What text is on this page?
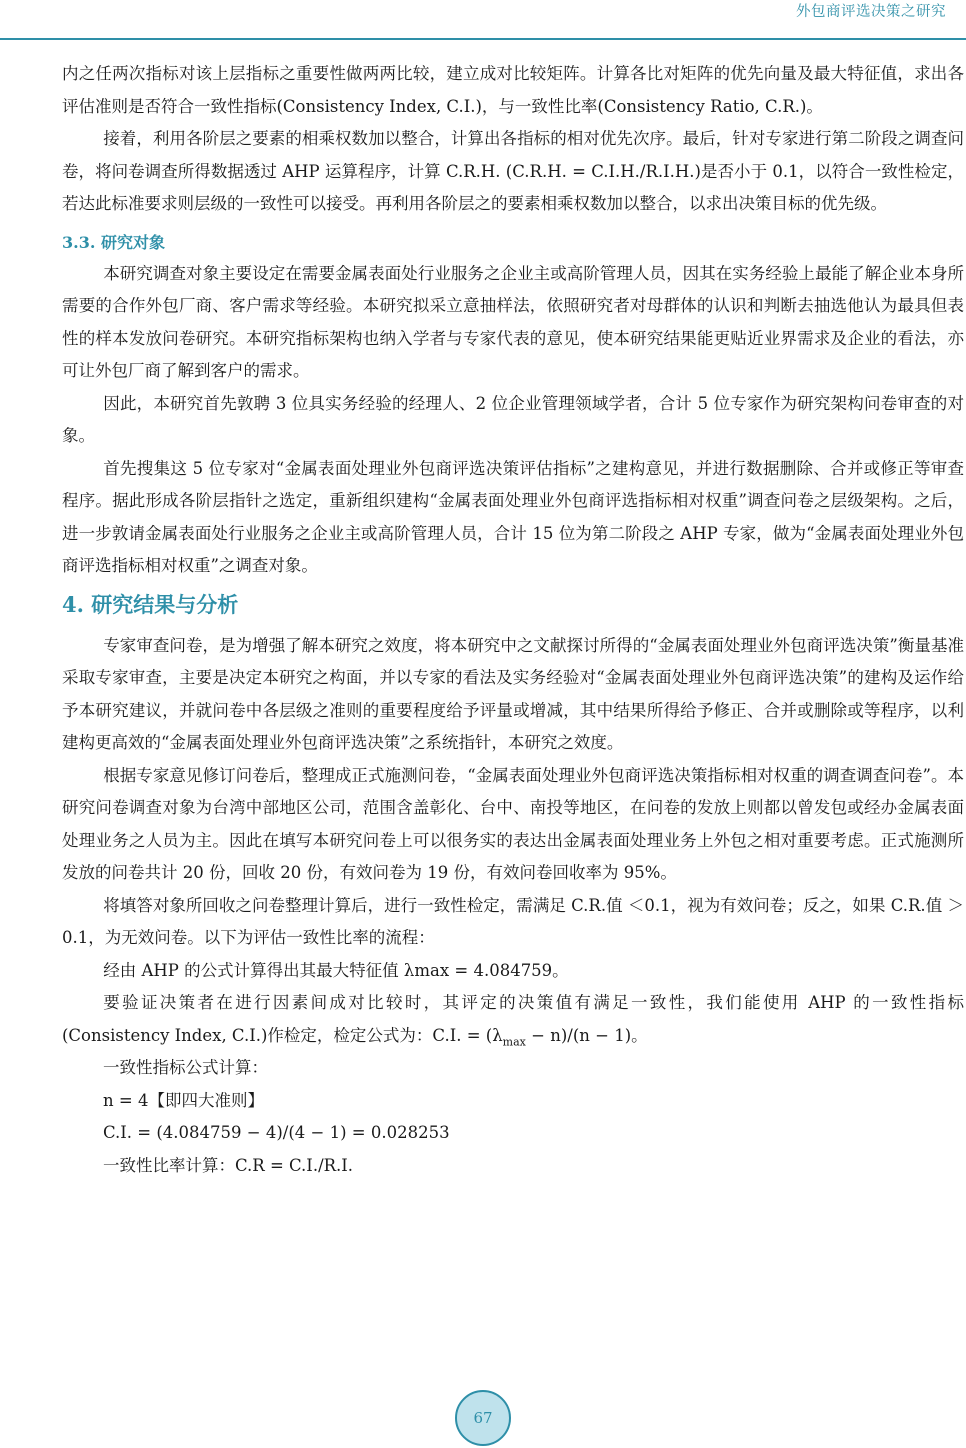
外包商评选决策之研究

内之任两次指标对该上层指标之重要性做两两比较，建立成对比较矩阵。计算各比对矩阵的优先向量及最大特征值，求出各评估准则是否符合一致性指标(Consistency Index, C.I.)，与一致性比率(Consistency Ratio, C.R.)。

接着，利用各阶层之要素的相乘权数加以整合，计算出各指标的相对优先次序。最后，针对专家进行第二阶段之调查问卷，将问卷调查所得数据透过 AHP 运算程序，计算 C.R.H. (C.R.H. = C.I.H./R.I.H.)是否小于 0.1，以符合一致性检定，若达此标准要求则层级的一致性可以接受。再利用各阶层之的要素相乘权数加以整合，以求出决策目标的优先级。

3.3. 研究对象

本研究调查对象主要设定在需要金属表面处行业服务之企业主或高阶管理人员，因其在实务经验上最能了解企业本身所需要的合作外包厂商、客户需求等经验。本研究拟采立意抽样法，依照研究者对母群体的认识和判断去抽选他认为最具但表性的样本发放问卷研究。本研究指标架构也纳入学者与专家代表的意见，使本研究结果能更贴近业界需求及企业的看法，亦可让外包厂商了解到客户的需求。

因此，本研究首先敦聘 3 位具实务经验的经理人、2 位企业管理领域学者，合计 5 位专家作为研究架构问卷审查的对象。

首先搜集这 5 位专家对“金属表面处理业外包商评选决策评估指标”之建构意见，并进行数据删除、合并或修正等审查程序。据此形成各阶层指针之选定，重新组织建构“金属表面处理业外包商评选指标相对权重”调查问卷之层级架构。之后，进一步敦请金属表面处行业服务之企业主或高阶管理人员，合计 15 位为第二阶段之 AHP 专家，做为“金属表面处理业外包商评选指标相对权重”之调查对象。

4. 研究结果与分析

专家审查问卷，是为增强了解本研究之效度，将本研究中之文献探讨所得的“金属表面处理业外包商评选决策”衡量基准采取专家审查，主要是决定本研究之构面，并以专家的看法及实务经验对“金属表面处理业外包商评选决策”的建构及运作给予本研究建议，并就问卷中各层级之准则的重要程度给予评量或增减，其中结果所得给予修正、合并或删除或等程序，以利建构更高效的“金属表面处理业外包商评选决策”之系统指针，本研究之效度。

根据专家意见修订问卷后，整理成正式施测问卷，“金属表面处理业外包商评选决策指标相对权重的调查调查问卷”。本研究问卷调查对象为台湾中部地区公司，范围含盖彰化、台中、南投等地区，在问卷的发放上则都以曾发包或经办金属表面处理业务之人员为主。因此在填写本研究问卷上可以很务实的表达出金属表面处理业务上外包之相对重要考虑。正式施测所发放的问卷共计 20 份，回收 20 份，有效问卷为 19 份，有效问卷回收率为 95%。

将填答对象所回收之问卷整理计算后，进行一致性检定，需满足 C.R.值 ＜0.1，视为有效问卷；反之，如果 C.R.值 ＞0.1，为无效问卷。以下为评估一致性比率的流程：

经由 AHP 的公式计算得出其最大特征值 λmax = 4.084759。

要验证决策者在进行因素间成对比较时，其评定的决策值有满足一致性，我们能使用 AHP 的一致性指标(Consistency Index, C.I.)作检定，检定公式为：C.I. = $(\lambda_{max} - n)/(n - 1)$。

一致性指标公式计算：

n = 4【即四大准则】

C.I. = (4.084759 − 4)/(4 − 1) = 0.028253

一致性比率计算：C.R = C.I./R.I.

67
